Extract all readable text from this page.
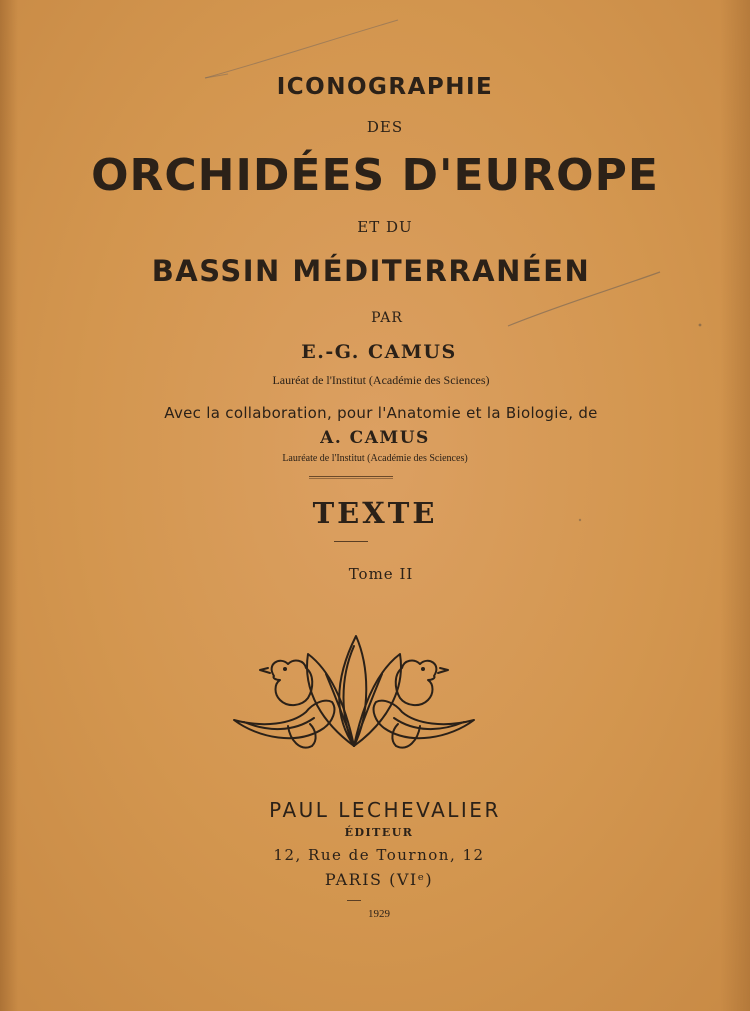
ICONOGRAPHIE
DES
ORCHIDÉES D'EUROPE
ET DU
BASSIN MÉDITERRANÉEN
PAR
E.-G. CAMUS
Lauréat de l'Institut (Académie des Sciences)
Avec la collaboration, pour l'Anatomie et la Biologie, de
A. CAMUS
Lauréate de l'Institut (Académie des Sciences)
TEXTE
Tome II
PAUL LECHEVALIER
ÉDITEUR
12, Rue de Tournon, 12
PARIS (VIᵉ)
1929
